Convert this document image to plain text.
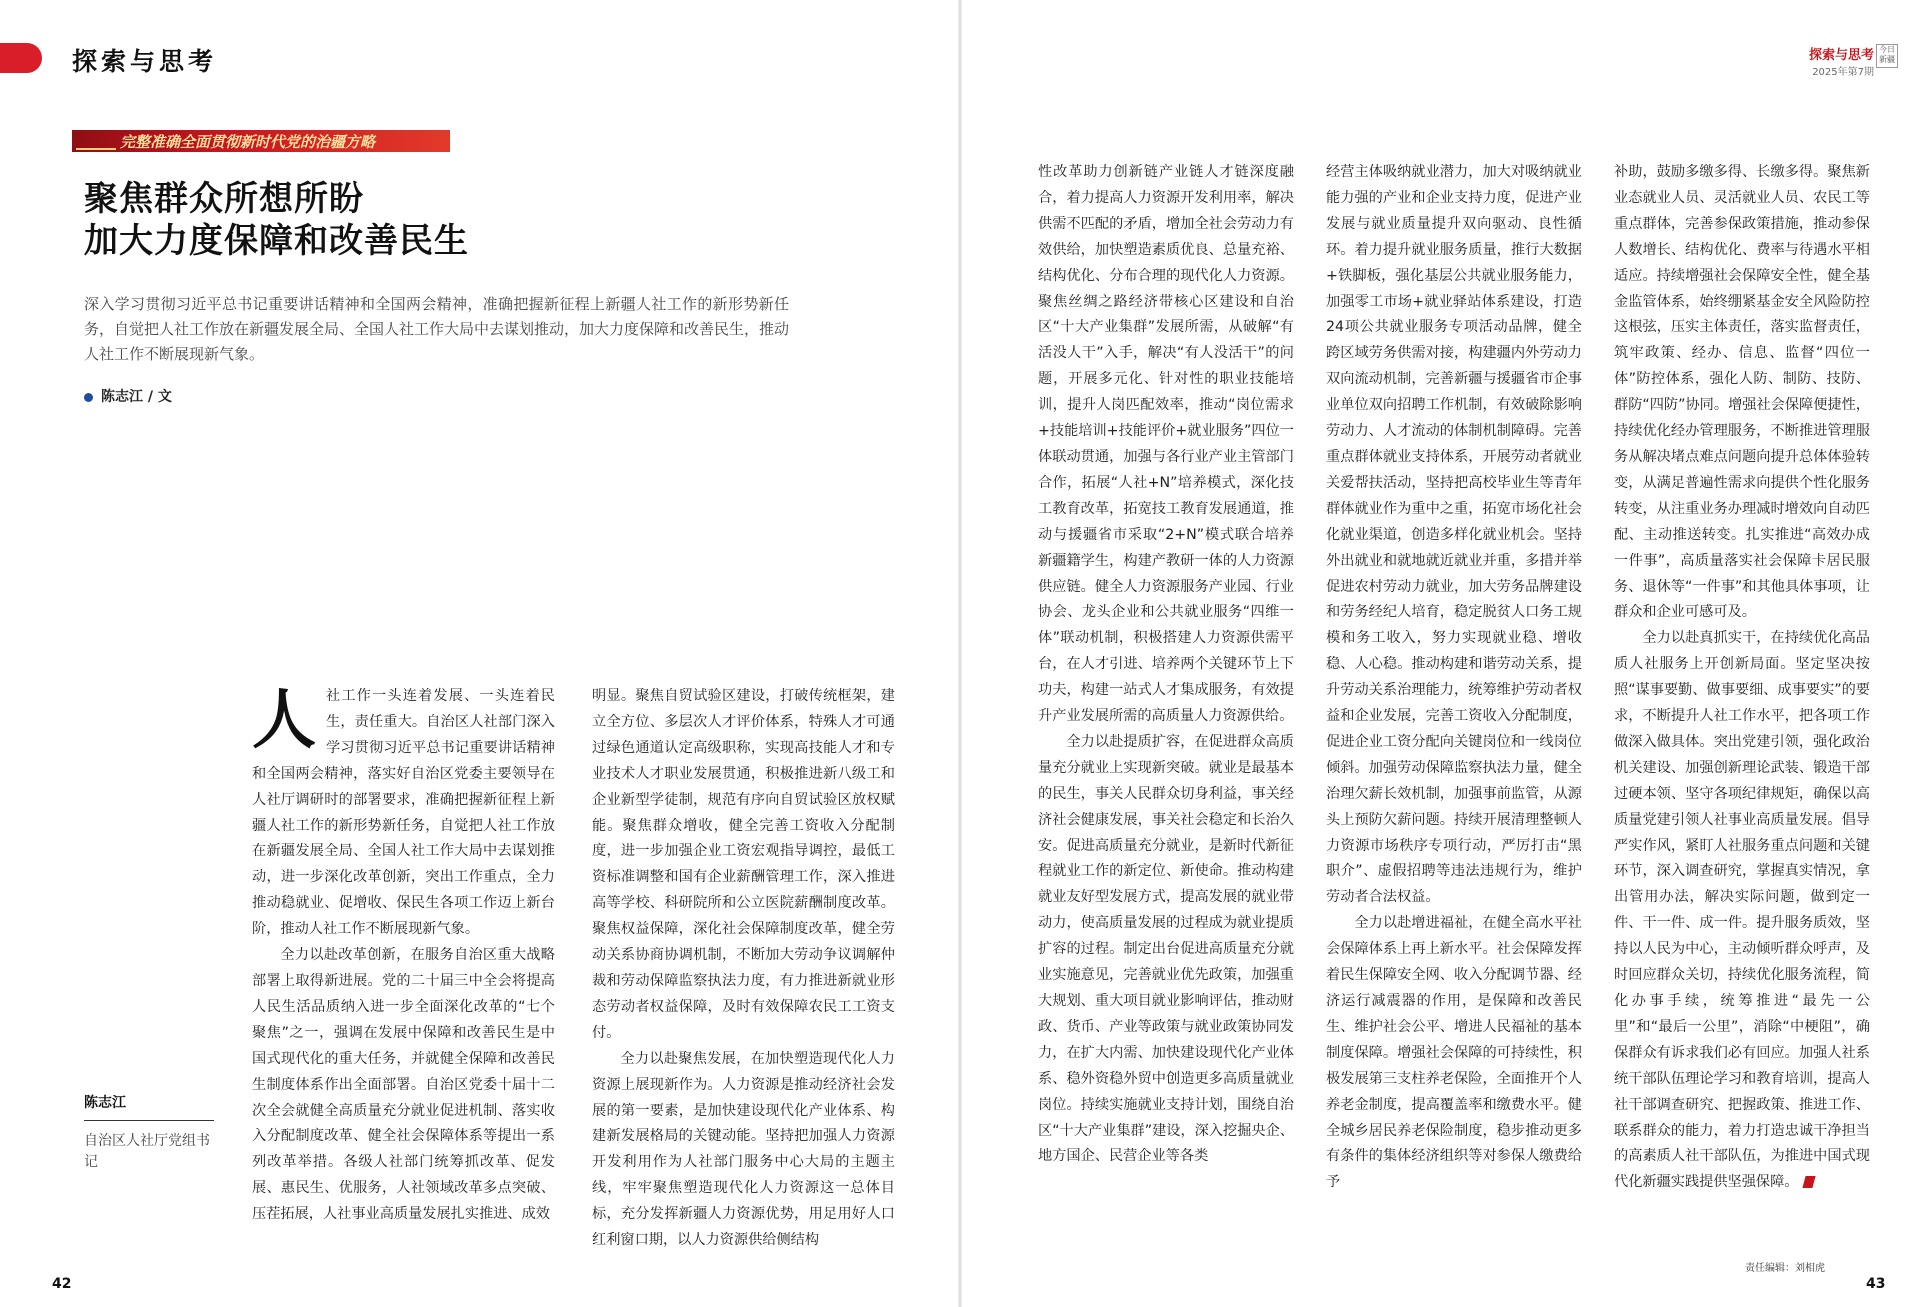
探索与思考
完整准确全面贯彻新时代党的治疆方略
聚焦群众所想所盼
加大力度保障和改善民生
深入学习贯彻习近平总书记重要讲话精神和全国两会精神，准确把握新征程上新疆人社工作的新形势新任务，自觉把人社工作放在新疆发展全局、全国人社工作大局中去谋划推动，加大力度保障和改善民生，推动人社工作不断展现新气象。
陈志江 / 文

人社工作一头连着发展、一头连着民生，责任重大。自治区人社部门深入学习贯彻习近平总书记重要讲话精神和全国两会精神，落实好自治区党委主要领导在人社厅调研时的部署要求，准确把握新征程上新疆人社工作的新形势新任务，自觉把人社工作放在新疆发展全局、全国人社工作大局中去谋划推动，进一步深化改革创新，突出工作重点，全力推动稳就业、促增收、保民生各项工作迈上新台阶，推动人社工作不断展现新气象。

全力以赴改革创新，在服务自治区重大战略部署上取得新进展。党的二十届三中全会将提高人民生活品质纳入进一步全面深化改革的“七个聚焦”之一，强调在发展中保障和改善民生是中国式现代化的重大任务，并就健全保障和改善民生制度体系作出全面部署。自治区党委十届十二次全会就健全高质量充分就业促进机制、落实收入分配制度改革、健全社会保障体系等提出一系列改革举措。各级人社部门统筹抓改革、促发展、惠民生、优服务，人社领域改革多点突破、压茬拓展，人社事业高质量发展扎实推进、成效

明显。聚焦自贸试验区建设，打破传统框架，建立全方位、多层次人才评价体系，特殊人才可通过绿色通道认定高级职称，实现高技能人才和专业技术人才职业发展贯通，积极推进新八级工和企业新型学徒制，规范有序向自贸试验区放权赋能。聚焦群众增收，健全完善工资收入分配制度，进一步加强企业工资宏观指导调控，最低工资标准调整和国有企业薪酬管理工作，深入推进高等学校、科研院所和公立医院薪酬制度改革。聚焦权益保障，深化社会保障制度改革，健全劳动关系协商协调机制，不断加大劳动争议调解仲裁和劳动保障监察执法力度，有力推进新就业形态劳动者权益保障，及时有效保障农民工工资支付。

全力以赴聚焦发展，在加快塑造现代化人力资源上展现新作为。人力资源是推动经济社会发展的第一要素，是加快建设现代化产业体系、构建新发展格局的关键动能。坚持把加强人力资源开发利用作为人社部门服务中心大局的主题主线，牢牢聚焦塑造现代化人力资源这一总体目标，充分发挥新疆人力资源优势，用足用好人口红利窗口期，以人力资源供给侧结构

陈志江
自治区人社厅党组书记
42
探索与思考
2025年第7期
今日新疆

性改革助力创新链产业链人才链深度融合，着力提高人力资源开发利用率，解决供需不匹配的矛盾，增加全社会劳动力有效供给，加快塑造素质优良、总量充裕、结构优化、分布合理的现代化人力资源。聚焦丝绸之路经济带核心区建设和自治区“十大产业集群”发展所需，从破解“有活没人干”入手，解决“有人没活干”的问题，开展多元化、针对性的职业技能培训，提升人岗匹配效率，推动“岗位需求+技能培训+技能评价+就业服务”四位一体联动贯通，加强与各行业产业主管部门合作，拓展“人社+N”培养模式，深化技工教育改革，拓宽技工教育发展通道，推动与援疆省市采取“2+N”模式联合培养新疆籍学生，构建产教研一体的人力资源供应链。健全人力资源服务产业园、行业协会、龙头企业和公共就业服务“四维一体”联动机制，积极搭建人力资源供需平台，在人才引进、培养两个关键环节上下功夫，构建一站式人才集成服务，有效提升产业发展所需的高质量人力资源供给。

全力以赴提质扩容，在促进群众高质量充分就业上实现新突破。就业是最基本的民生，事关人民群众切身利益，事关经济社会健康发展，事关社会稳定和长治久安。促进高质量充分就业，是新时代新征程就业工作的新定位、新使命。推动构建就业友好型发展方式，提高发展的就业带动力，使高质量发展的过程成为就业提质扩容的过程。制定出台促进高质量充分就业实施意见，完善就业优先政策，加强重大规划、重大项目就业影响评估，推动财政、货币、产业等政策与就业政策协同发力，在扩大内需、加快建设现代化产业体系、稳外资稳外贸中创造更多高质量就业岗位。持续实施就业支持计划，围绕自治区“十大产业集群”建设，深入挖掘央企、地方国企、民营企业等各类

经营主体吸纳就业潜力，加大对吸纳就业能力强的产业和企业支持力度，促进产业发展与就业质量提升双向驱动、良性循环。着力提升就业服务质量，推行大数据+铁脚板，强化基层公共就业服务能力，加强零工市场+就业驿站体系建设，打造24项公共就业服务专项活动品牌，健全跨区域劳务供需对接，构建疆内外劳动力双向流动机制，完善新疆与援疆省市企事业单位双向招聘工作机制，有效破除影响劳动力、人才流动的体制机制障碍。完善重点群体就业支持体系，开展劳动者就业关爱帮扶活动，坚持把高校毕业生等青年群体就业作为重中之重，拓宽市场化社会化就业渠道，创造多样化就业机会。坚持外出就业和就地就近就业并重，多措并举促进农村劳动力就业，加大劳务品牌建设和劳务经纪人培育，稳定脱贫人口务工规模和务工收入，努力实现就业稳、增收稳、人心稳。推动构建和谐劳动关系，提升劳动关系治理能力，统筹维护劳动者权益和企业发展，完善工资收入分配制度，促进企业工资分配向关键岗位和一线岗位倾斜。加强劳动保障监察执法力量，健全治理欠薪长效机制，加强事前监管，从源头上预防欠薪问题。持续开展清理整顿人力资源市场秩序专项行动，严厉打击“黑职介”、虚假招聘等违法违规行为，维护劳动者合法权益。

全力以赴增进福祉，在健全高水平社会保障体系上再上新水平。社会保障发挥着民生保障安全网、收入分配调节器、经济运行减震器的作用，是保障和改善民生、维护社会公平、增进人民福祉的基本制度保障。增强社会保障的可持续性，积极发展第三支柱养老保险，全面推开个人养老金制度，提高覆盖率和缴费水平。健全城乡居民养老保险制度，稳步推动更多有条件的集体经济组织等对参保人缴费给予

补助，鼓励多缴多得、长缴多得。聚焦新业态就业人员、灵活就业人员、农民工等重点群体，完善参保政策措施，推动参保人数增长、结构优化、费率与待遇水平相适应。持续增强社会保障安全性，健全基金监管体系，始终绷紧基金安全风险防控这根弦，压实主体责任，落实监督责任，筑牢政策、经办、信息、监督“四位一体”防控体系，强化人防、制防、技防、群防“四防”协同。增强社会保障便捷性，持续优化经办管理服务，不断推进管理服务从解决堵点难点问题向提升总体体验转变，从满足普遍性需求向提供个性化服务转变，从注重业务办理减时增效向自动匹配、主动推送转变。扎实推进“高效办成一件事”，高质量落实社会保障卡居民服务、退休等“一件事”和其他具体事项，让群众和企业可感可及。

全力以赴真抓实干，在持续优化高品质人社服务上开创新局面。坚定坚决按照“谋事要勤、做事要细、成事要实”的要求，不断提升人社工作水平，把各项工作做深入做具体。突出党建引领，强化政治机关建设、加强创新理论武装、锻造干部过硬本领、坚守各项纪律规矩，确保以高质量党建引领人社事业高质量发展。倡导严实作风，紧盯人社服务重点问题和关键环节，深入调查研究，掌握真实情况，拿出管用办法，解决实际问题，做到定一件、干一件、成一件。提升服务质效，坚持以人民为中心，主动倾听群众呼声，及时回应群众关切，持续优化服务流程，简化办事手续，统筹推进“最先一公里”和“最后一公里”，消除“中梗阻”，确保群众有诉求我们必有回应。加强人社系统干部队伍理论学习和教育培训，提高人社干部调查研究、把握政策、推进工作、联系群众的能力，着力打造忠诚干净担当的高素质人社干部队伍，为推进中国式现代化新疆实践提供坚强保障。

责任编辑：刘相虎
43
